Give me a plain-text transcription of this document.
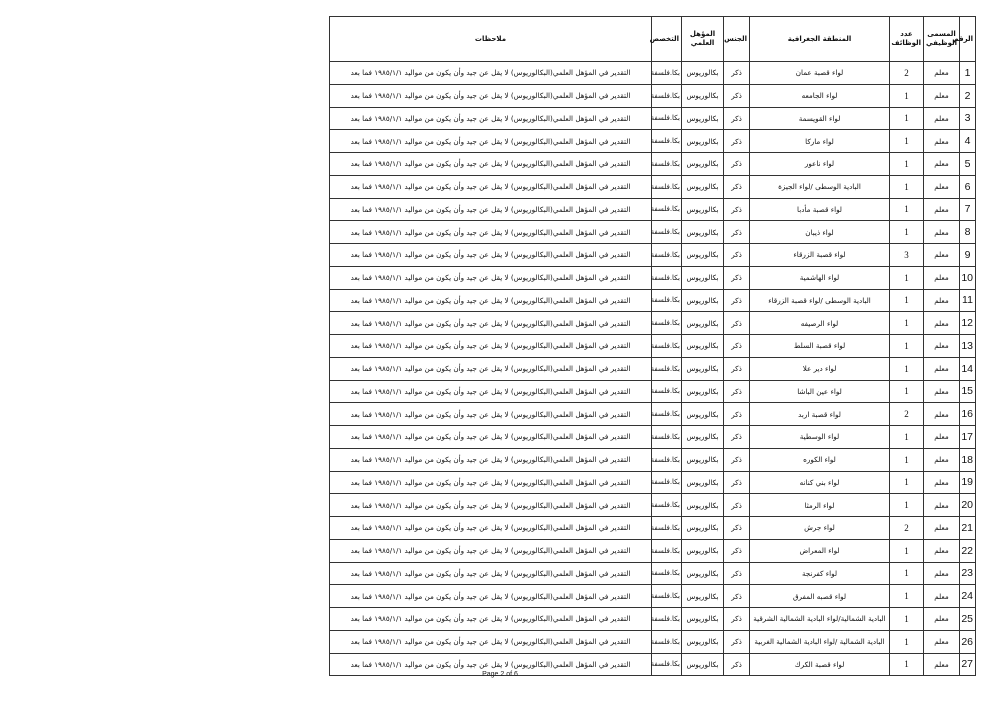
الرقم	المسمى الوظيفي	عدد الوظائف	المنطقة الجغرافية	الجنس	المؤهل العلمي	التخصص	ملاحظات
1	معلم	2	لواء قصبة عمان	ذكر	بكالوريوس	بكا.فلسفة	التقدير في المؤهل العلمي(البكالوريوس) لا يقل عن جيد وأن يكون من مواليد ١٩٨٥/١/١ فما بعد
2	معلم	1	لواء الجامعه	ذكر	بكالوريوس	بكا.فلسفة	التقدير في المؤهل العلمي(البكالوريوس) لا يقل عن جيد وأن يكون من مواليد ١٩٨٥/١/١ فما بعد
3	معلم	1	لواء القويسمة	ذكر	بكالوريوس	بكا.فلسفة	التقدير في المؤهل العلمي(البكالوريوس) لا يقل عن جيد وأن يكون من مواليد ١٩٨٥/١/١ فما بعد
4	معلم	1	لواء ماركا	ذكر	بكالوريوس	بكا.فلسفة	التقدير في المؤهل العلمي(البكالوريوس) لا يقل عن جيد وأن يكون من مواليد ١٩٨٥/١/١ فما بعد
5	معلم	1	لواء ناعور	ذكر	بكالوريوس	بكا.فلسفة	التقدير في المؤهل العلمي(البكالوريوس) لا يقل عن جيد وأن يكون من مواليد ١٩٨٥/١/١ فما بعد
6	معلم	1	البادية الوسطى /لواء الجيزة	ذكر	بكالوريوس	بكا.فلسفة	التقدير في المؤهل العلمي(البكالوريوس) لا يقل عن جيد وأن يكون من مواليد ١٩٨٥/١/١ فما بعد
7	معلم	1	لواء قصبة مأدبا	ذكر	بكالوريوس	بكا.فلسفة	التقدير في المؤهل العلمي(البكالوريوس) لا يقل عن جيد وأن يكون من مواليد ١٩٨٥/١/١ فما بعد
8	معلم	1	لواء ذيبان	ذكر	بكالوريوس	بكا.فلسفة	التقدير في المؤهل العلمي(البكالوريوس) لا يقل عن جيد وأن يكون من مواليد ١٩٨٥/١/١ فما بعد
9	معلم	3	لواء قصبة الزرقاء	ذكر	بكالوريوس	بكا.فلسفة	التقدير في المؤهل العلمي(البكالوريوس) لا يقل عن جيد وأن يكون من مواليد ١٩٨٥/١/١ فما بعد
10	معلم	1	لواء الهاشمية	ذكر	بكالوريوس	بكا.فلسفة	التقدير في المؤهل العلمي(البكالوريوس) لا يقل عن جيد وأن يكون من مواليد ١٩٨٥/١/١ فما بعد
11	معلم	1	البادية الوسطى /لواء قصبة الزرقاء	ذكر	بكالوريوس	بكا.فلسفة	التقدير في المؤهل العلمي(البكالوريوس) لا يقل عن جيد وأن يكون من مواليد ١٩٨٥/١/١ فما بعد
12	معلم	1	لواء الرصيفه	ذكر	بكالوريوس	بكا.فلسفة	التقدير في المؤهل العلمي(البكالوريوس) لا يقل عن جيد وأن يكون من مواليد ١٩٨٥/١/١ فما بعد
13	معلم	1	لواء قصبة السلط	ذكر	بكالوريوس	بكا.فلسفة	التقدير في المؤهل العلمي(البكالوريوس) لا يقل عن جيد وأن يكون من مواليد ١٩٨٥/١/١ فما بعد
14	معلم	1	لواء دير علا	ذكر	بكالوريوس	بكا.فلسفة	التقدير في المؤهل العلمي(البكالوريوس) لا يقل عن جيد وأن يكون من مواليد ١٩٨٥/١/١ فما بعد
15	معلم	1	لواء عين الباشا	ذكر	بكالوريوس	بكا.فلسفة	التقدير في المؤهل العلمي(البكالوريوس) لا يقل عن جيد وأن يكون من مواليد ١٩٨٥/١/١ فما بعد
16	معلم	2	لواء قصبة اربد	ذكر	بكالوريوس	بكا.فلسفة	التقدير في المؤهل العلمي(البكالوريوس) لا يقل عن جيد وأن يكون من مواليد ١٩٨٥/١/١ فما بعد
17	معلم	1	لواء الوسطية	ذكر	بكالوريوس	بكا.فلسفة	التقدير في المؤهل العلمي(البكالوريوس) لا يقل عن جيد وأن يكون من مواليد ١٩٨٥/١/١ فما بعد
18	معلم	1	لواء الكوره	ذكر	بكالوريوس	بكا.فلسفة	التقدير في المؤهل العلمي(البكالوريوس) لا يقل عن جيد وأن يكون من مواليد ١٩٨٥/١/١ فما بعد
19	معلم	1	لواء بني كنانه	ذكر	بكالوريوس	بكا.فلسفة	التقدير في المؤهل العلمي(البكالوريوس) لا يقل عن جيد وأن يكون من مواليد ١٩٨٥/١/١ فما بعد
20	معلم	1	لواء الرمثا	ذكر	بكالوريوس	بكا.فلسفة	التقدير في المؤهل العلمي(البكالوريوس) لا يقل عن جيد وأن يكون من مواليد ١٩٨٥/١/١ فما بعد
21	معلم	2	لواء جرش	ذكر	بكالوريوس	بكا.فلسفة	التقدير في المؤهل العلمي(البكالوريوس) لا يقل عن جيد وأن يكون من مواليد ١٩٨٥/١/١ فما بعد
22	معلم	1	لواء المعراض	ذكر	بكالوريوس	بكا.فلسفة	التقدير في المؤهل العلمي(البكالوريوس) لا يقل عن جيد وأن يكون من مواليد ١٩٨٥/١/١ فما بعد
23	معلم	1	لواء كفرنجة	ذكر	بكالوريوس	بكا.فلسفة	التقدير في المؤهل العلمي(البكالوريوس) لا يقل عن جيد وأن يكون من مواليد ١٩٨٥/١/١ فما بعد
24	معلم	1	لواء قصبه المفرق	ذكر	بكالوريوس	بكا.فلسفة	التقدير في المؤهل العلمي(البكالوريوس) لا يقل عن جيد وأن يكون من مواليد ١٩٨٥/١/١ فما بعد
25	معلم	1	البادية الشمالية/لواء البادية الشمالية الشرقية	ذكر	بكالوريوس	بكا.فلسفة	التقدير في المؤهل العلمي(البكالوريوس) لا يقل عن جيد وأن يكون من مواليد ١٩٨٥/١/١ فما بعد
26	معلم	1	البادية الشمالية /لواء البادية الشمالية الغربية	ذكر	بكالوريوس	بكا.فلسفة	التقدير في المؤهل العلمي(البكالوريوس) لا يقل عن جيد وأن يكون من مواليد ١٩٨٥/١/١ فما بعد
27	معلم	1	لواء قصبة الكرك	ذكر	بكالوريوس	بكا.فلسفة	التقدير في المؤهل العلمي(البكالوريوس) لا يقل عن جيد وأن يكون من مواليد ١٩٨٥/١/١ فما بعد
Page 2 of 6
